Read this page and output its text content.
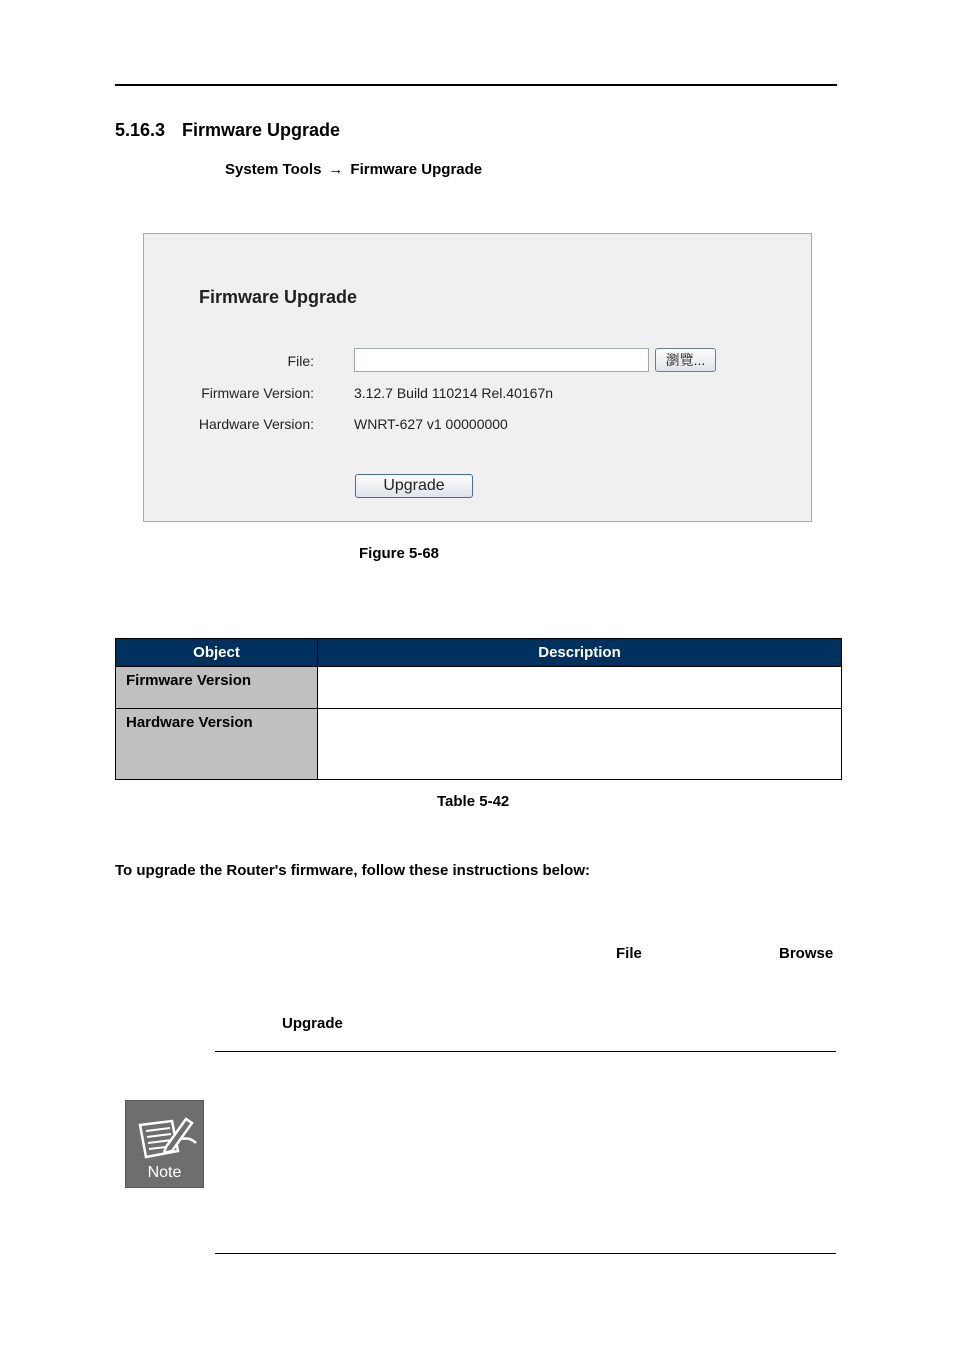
5.16.3 Firmware Upgrade
System Tools → Firmware Upgrade
Firmware Upgrade
File:	瀏覽...
Firmware Version:	3.12.7 Build 110214 Rel.40167n
Hardware Version:	WNRT-627 v1 00000000
Upgrade
Figure 5-68
Object	Description
Firmware Version	
Hardware Version	
Table 5-42
To upgrade the Router's firmware, follow these instructions below:
File	Browse
Upgrade
Note
